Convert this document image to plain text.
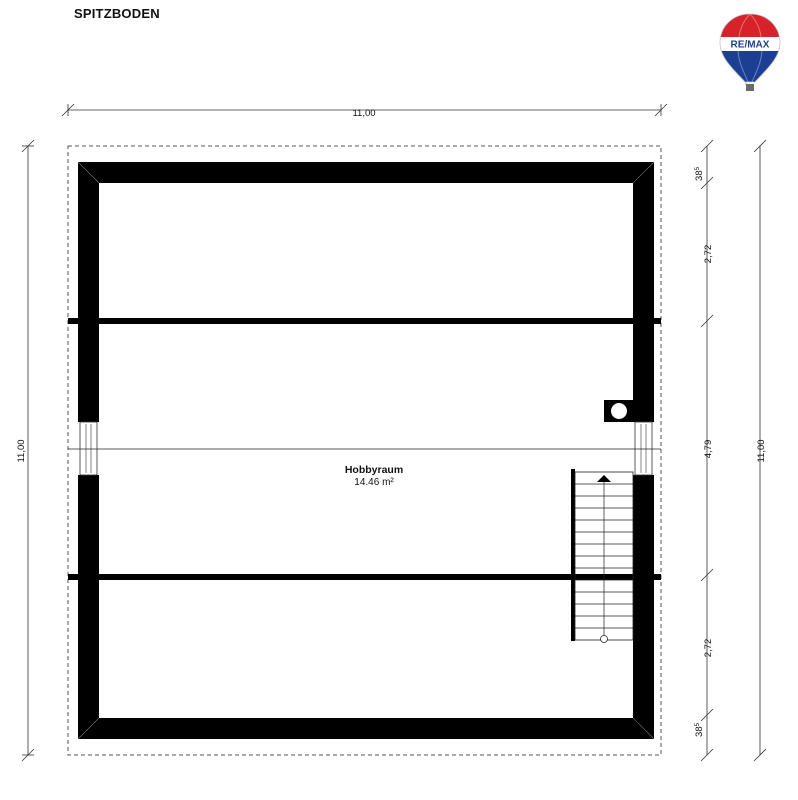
SPITZBODEN
RE/MAX
Hobbyraum
14.46 m²
11,00
11,00
$38^5$
2,72
4,79
2,72
$38^5$
11,00
